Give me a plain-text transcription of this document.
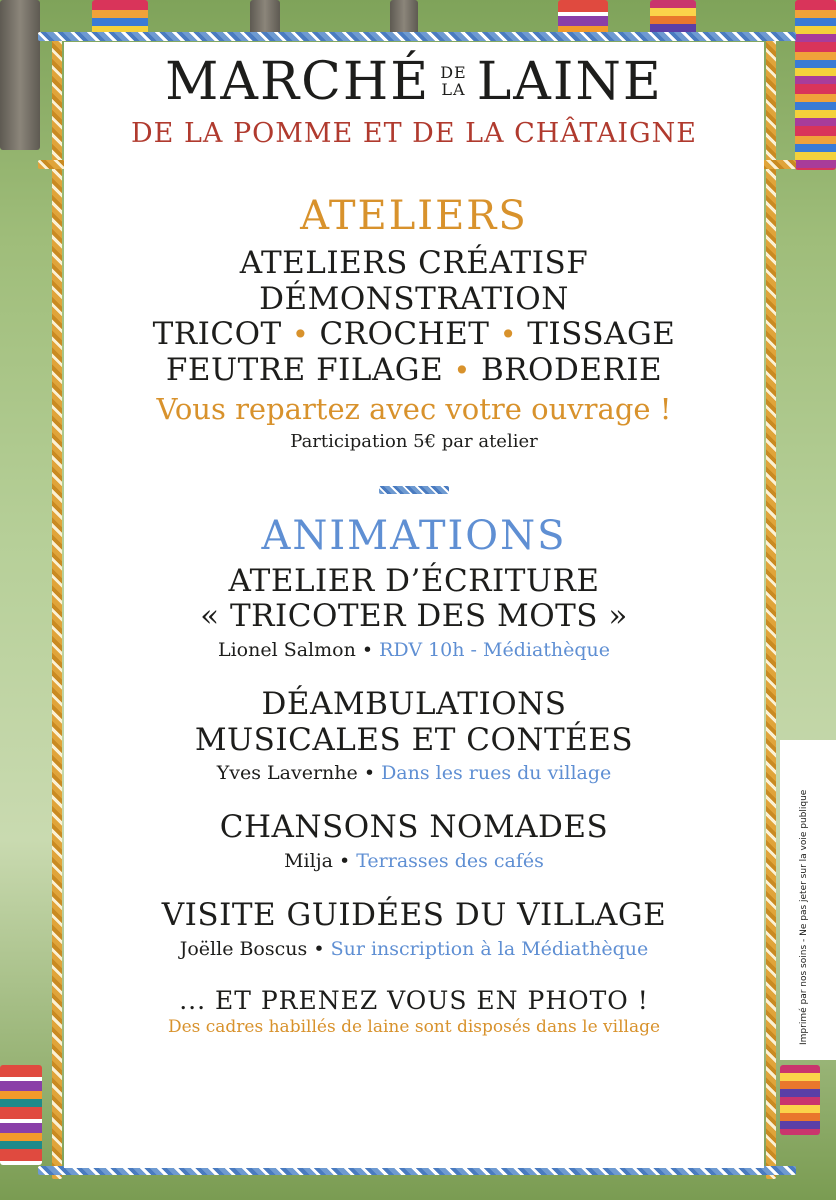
MARCHÉ DE
LA LAINE
DE LA POMME ET DE LA CHÂTAIGNE
ATELIERS
ATELIERS CRÉATISF
DÉMONSTRATION
TRICOT • CROCHET • TISSAGE
FEUTRE FILAGE • BRODERIE
Vous repartez avec votre ouvrage !
Participation 5€ par atelier
ANIMATIONS
ATELIER D’ÉCRITURE
« TRICOTER DES MOTS »
Lionel Salmon • RDV 10h - Médiathèque
DÉAMBULATIONS
MUSICALES ET CONTÉES
Yves Lavernhe • Dans les rues du village
CHANSONS NOMADES
Milja • Terrasses des cafés
VISITE GUIDÉES DU VILLAGE
Joëlle Boscus • Sur inscription à la Médiathèque
... ET PRENEZ VOUS EN PHOTO !
Des cadres habillés de laine sont disposés dans le village	Imprimé par nos soins - Ne pas jeter sur la voie publique
